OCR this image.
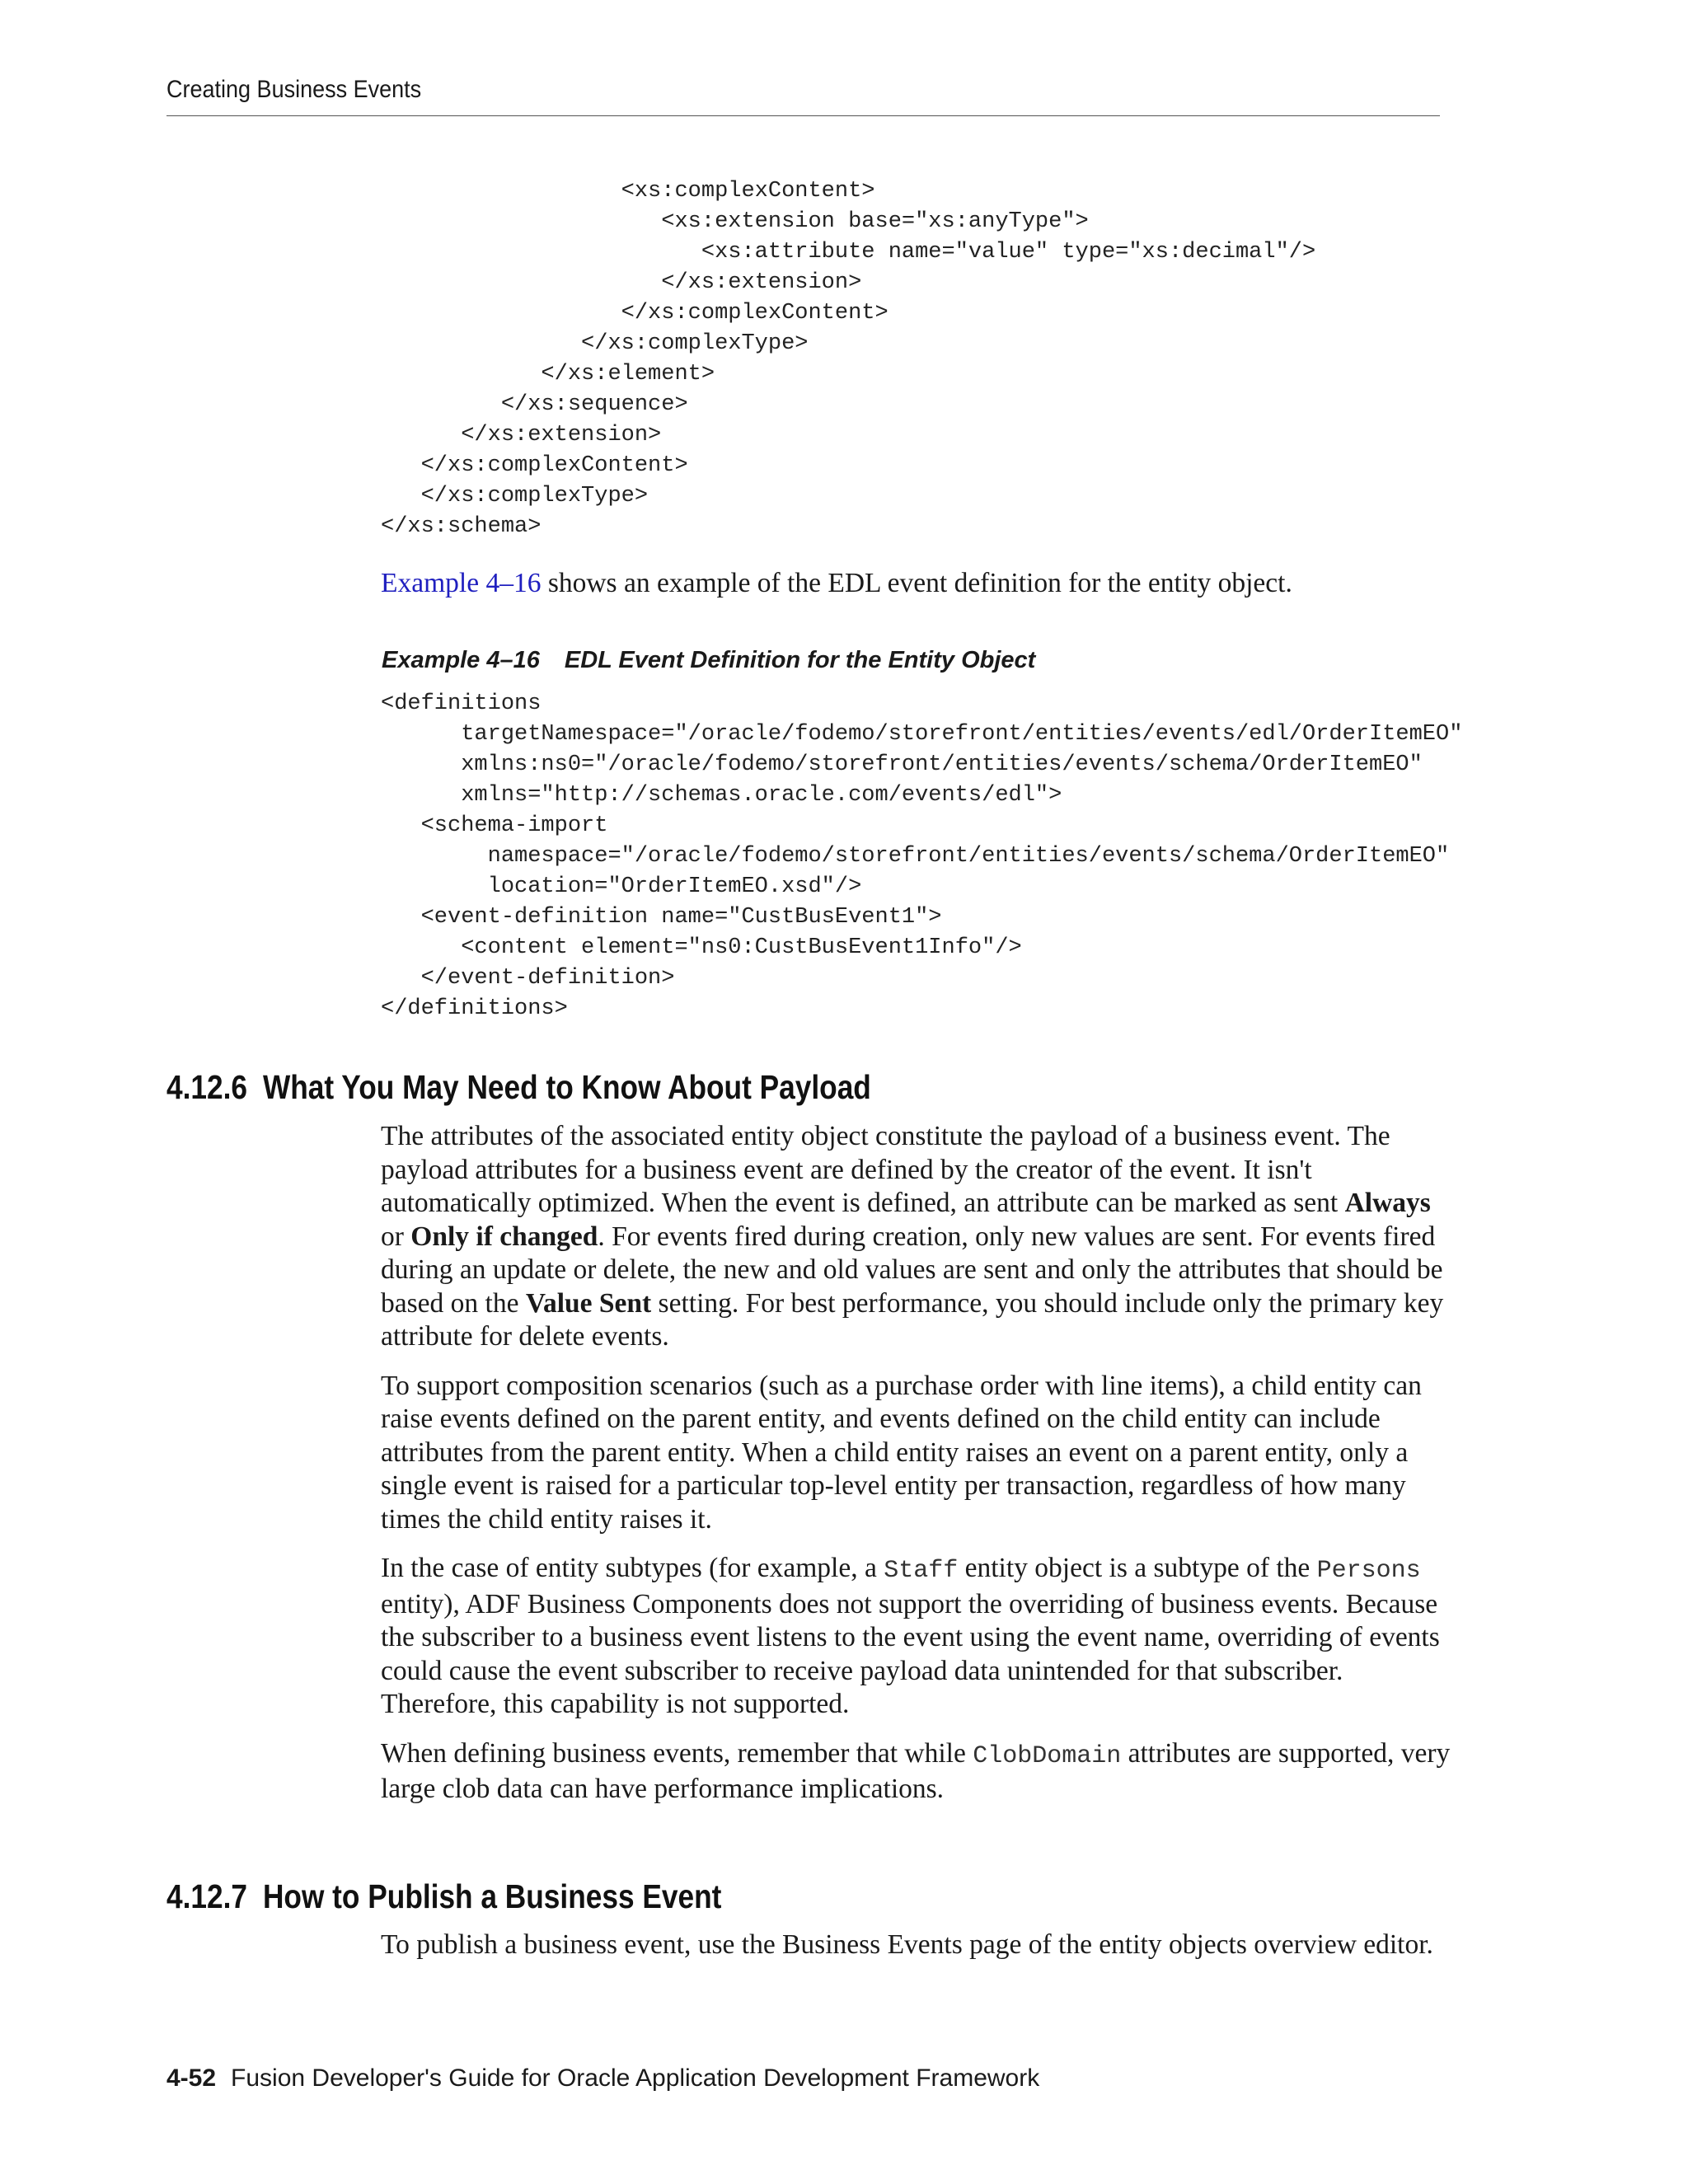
Creating Business Events
<xs:complexContent>
<xs:extension base="xs:anyType">
<xs:attribute name="value" type="xs:decimal"/>
</xs:extension>
</xs:complexContent>
</xs:complexType>
</xs:element>
</xs:sequence>
</xs:extension>
</xs:complexContent>
</xs:complexType>
</xs:schema>
Example 4–16 shows an example of the EDL event definition for the entity object.
Example 4–16 EDL Event Definition for the Entity Object
<definitions
targetNamespace="/oracle/fodemo/storefront/entities/events/edl/OrderItemEO"
xmlns:ns0="/oracle/fodemo/storefront/entities/events/schema/OrderItemEO"
xmlns="http://schemas.oracle.com/events/edl">
<schema-import
namespace="/oracle/fodemo/storefront/entities/events/schema/OrderItemEO"
location="OrderItemEO.xsd"/>
<event-definition name="CustBusEvent1">
<content element="ns0:CustBusEvent1Info"/>
</event-definition>
</definitions>
4.12.6 What You May Need to Know About Payload

The attributes of the associated entity object constitute the payload of a business event. The payload attributes for a business event are defined by the creator of the event. It isn't automatically optimized. When the event is defined, an attribute can be marked as sent Always or Only if changed. For events fired during creation, only new values are sent. For events fired during an update or delete, the new and old values are sent and only the attributes that should be based on the Value Sent setting. For best performance, you should include only the primary key attribute for delete events.

To support composition scenarios (such as a purchase order with line items), a child entity can raise events defined on the parent entity, and events defined on the child entity can include attributes from the parent entity. When a child entity raises an event on a parent entity, only a single event is raised for a particular top-level entity per transaction, regardless of how many times the child entity raises it.

In the case of entity subtypes (for example, a Staff entity object is a subtype of the Persons entity), ADF Business Components does not support the overriding of business events. Because the subscriber to a business event listens to the event using the event name, overriding of events could cause the event subscriber to receive payload data unintended for that subscriber. Therefore, this capability is not supported.

When defining business events, remember that while ClobDomain attributes are supported, very large clob data can have performance implications.

4.12.7 How to Publish a Business Event

To publish a business event, use the Business Events page of the entity objects overview editor.

4-52 Fusion Developer's Guide for Oracle Application Development Framework
